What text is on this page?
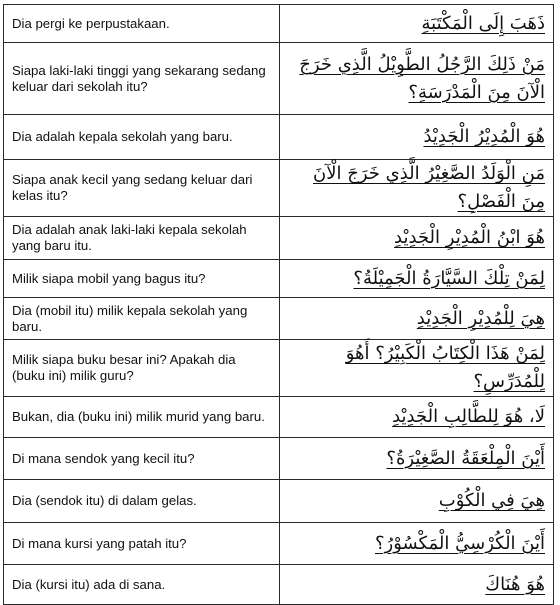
Dia pergi ke perpustakaan.	ذَهَبَ إِلَى الْمَكْتَبَةِ
Siapa laki-laki tinggi yang sekarang sedang keluar dari sekolah itu?	مَنْ ذَلِكَ الرَّجُلُ الطَّوِيْلُ الَّذِي خَرَجَ الْآنَ مِنَ الْمَدْرَسَةِ؟
Dia adalah kepala sekolah yang baru.	هُوَ الْمُدِيْرُ الْجَدِيْدُ
Siapa anak kecil yang sedang keluar dari kelas itu?	مَنِ الْوَلَدُ الصَّغِيْرُ الَّذِي خَرَجَ الْآنَ مِنَ الْفَصْلِ؟
Dia adalah anak laki-laki kepala sekolah yang baru itu.	هُوَ ابْنُ الْمُدِيْرِ الْجَدِيْدِ
Milik siapa mobil yang bagus itu?	لِمَنْ تِلْكَ السَّيَّارَةُ الْجَمِيْلَةُ؟
Dia (mobil itu) milik kepala sekolah yang baru.	هِيَ لِلْمُدِيْرِ الْجَدِيْدِ
Milik siapa buku besar ini? Apakah dia (buku ini) milik guru?	لِمَنْ هَذَا الْكِتَابُ الْكَبِيْرُ؟ أَهُوَ لِلْمُدَرِّسِ؟
Bukan, dia (buku ini) milik murid yang baru.	لَا، هُوَ لِلطَّالِبِ الْجَدِيْدِ
Di mana sendok yang kecil itu?	أَيْنَ الْمِلْعَقَةُ الصَّغِيْرَةُ؟
Dia (sendok itu) di dalam gelas.	هِيَ فِي الْكُوْبِ
Di mana kursi yang patah itu?	أَيْنَ الْكُرْسِيُّ الْمَكْسُوْرُ؟
Dia (kursi itu) ada di sana.	هُوَ هُنَاكَ
